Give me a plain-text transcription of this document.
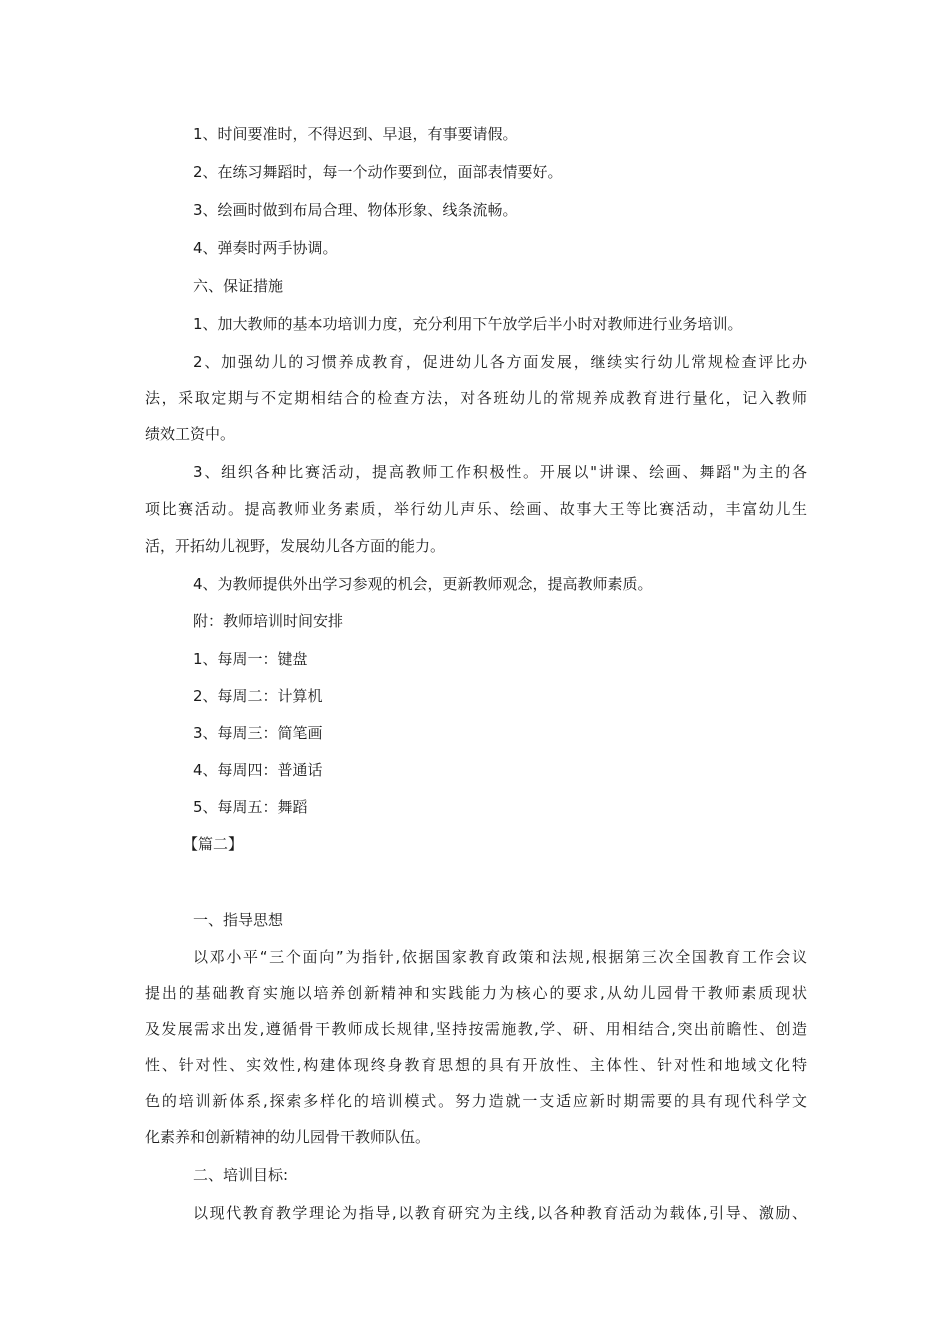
1、时间要准时，不得迟到、早退，有事要请假。
2、在练习舞蹈时，每一个动作要到位，面部表情要好。
3、绘画时做到布局合理、物体形象、线条流畅。
4、弹奏时两手协调。
六、保证措施
1、加大教师的基本功培训力度，充分利用下午放学后半小时对教师进行业务培训。
2、加强幼儿的习惯养成教育，促进幼儿各方面发展，继续实行幼儿常规检查评比办
法，采取定期与不定期相结合的检查方法，对各班幼儿的常规养成教育进行量化，记入教师
绩效工资中。
3、组织各种比赛活动，提高教师工作积极性。开展以"讲课、绘画、舞蹈"为主的各
项比赛活动。提高教师业务素质，举行幼儿声乐、绘画、故事大王等比赛活动，丰富幼儿生
活，开拓幼儿视野，发展幼儿各方面的能力。
4、为教师提供外出学习参观的机会，更新教师观念，提高教师素质。
附：教师培训时间安排
1、每周一：键盘
2、每周二：计算机
3、每周三：简笔画
4、每周四：普通话
5、每周五：舞蹈
【篇二】
一、指导思想
以邓小平“三个面向”为指针,依据国家教育政策和法规,根据第三次全国教育工作会议
提出的基础教育实施以培养创新精神和实践能力为核心的要求,从幼儿园骨干教师素质现状
及发展需求出发,遵循骨干教师成长规律,坚持按需施教,学、研、用相结合,突出前瞻性、创造
性、针对性、实效性,构建体现终身教育思想的具有开放性、主体性、针对性和地域文化特
色的培训新体系,探索多样化的培训模式。努力造就一支适应新时期需要的具有现代科学文
化素养和创新精神的幼儿园骨干教师队伍。
二、培训目标:
以现代教育教学理论为指导,以教育研究为主线,以各种教育活动为载体,引导、激励、
